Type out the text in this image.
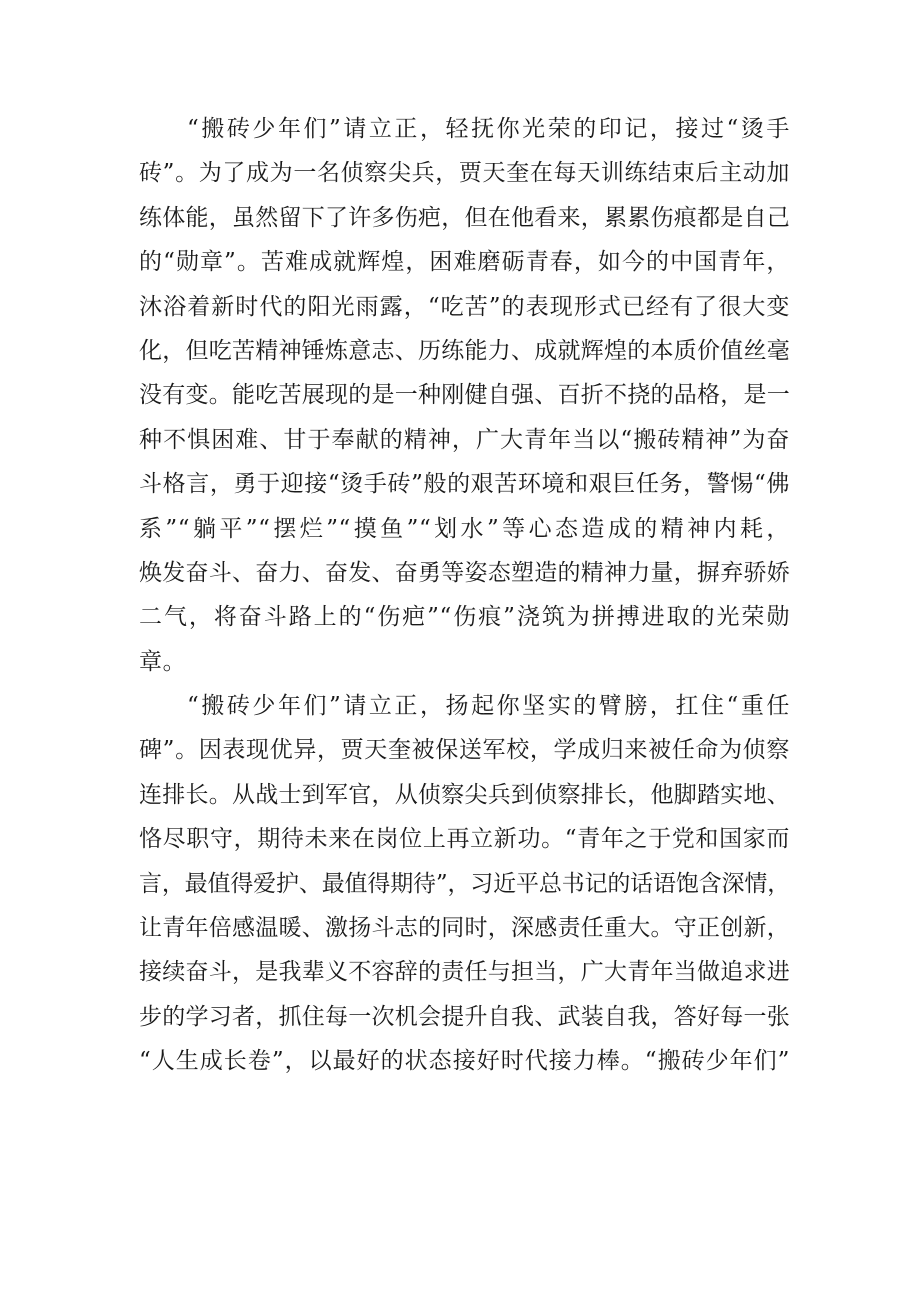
“搬砖少年们”请立正，轻抚你光荣的印记，接过“烫手
砖”。为了成为一名侦察尖兵，贾天奎在每天训练结束后主动加
练体能，虽然留下了许多伤疤，但在他看来，累累伤痕都是自己
的“勋章”。苦难成就辉煌，困难磨砺青春，如今的中国青年，
沐浴着新时代的阳光雨露，“吃苦”的表现形式已经有了很大变
化，但吃苦精神锤炼意志、历练能力、成就辉煌的本质价值丝毫
没有变。能吃苦展现的是一种刚健自强、百折不挠的品格，是一
种不惧困难、甘于奉献的精神，广大青年当以“搬砖精神”为奋
斗格言，勇于迎接“烫手砖”般的艰苦环境和艰巨任务，警惕“佛
系”“躺平”“摆烂”“摸鱼”“划水”等心态造成的精神内耗，
焕发奋斗、奋力、奋发、奋勇等姿态塑造的精神力量，摒弃骄娇
二气，将奋斗路上的“伤疤”“伤痕”浇筑为拼搏进取的光荣勋
章。
“搬砖少年们”请立正，扬起你坚实的臂膀，扛住“重任
碑”。因表现优异，贾天奎被保送军校，学成归来被任命为侦察
连排长。从战士到军官，从侦察尖兵到侦察排长，他脚踏实地、
恪尽职守，期待未来在岗位上再立新功。“青年之于党和国家而
言，最值得爱护、最值得期待”，习近平总书记的话语饱含深情，
让青年倍感温暖、激扬斗志的同时，深感责任重大。守正创新，
接续奋斗，是我辈义不容辞的责任与担当，广大青年当做追求进
步的学习者，抓住每一次机会提升自我、武装自我，答好每一张
“人生成长卷”，以最好的状态接好时代接力棒。“搬砖少年们”
